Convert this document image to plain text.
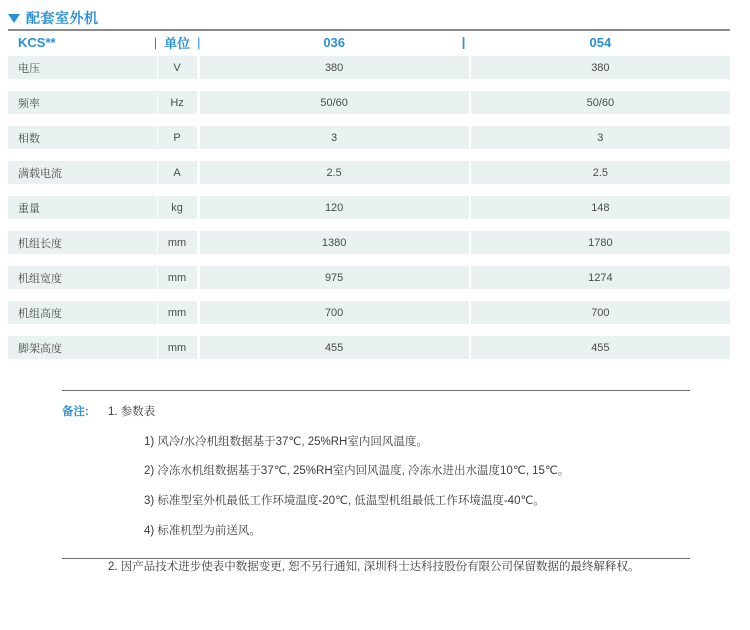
配套室外机
KCS**	| 单位 |	036	|	054
电压	V	380	380
频率	Hz	50/60	50/60
相数	P	3	3
满载电流	A	2.5	2.5
重量	kg	120	148
机组长度	mm	1380	1780
机组宽度	mm	975	1274
机组高度	mm	700	700
脚架高度	mm	455	455
备注:	1. 参数表
1) 风冷/水冷机组数据基于37℃, 25%RH室内回风温度。
2) 冷冻水机组数据基于37℃, 25%RH室内回风温度, 冷冻水进出水温度10℃, 15℃。
3) 标准型室外机最低工作环境温度-20℃, 低温型机组最低工作环境温度-40℃。
4) 标准机型为前送风。
2. 因产品技术进步使表中数据变更, 恕不另行通知, 深圳科士达科技股份有限公司保留数据的最终解释权。
